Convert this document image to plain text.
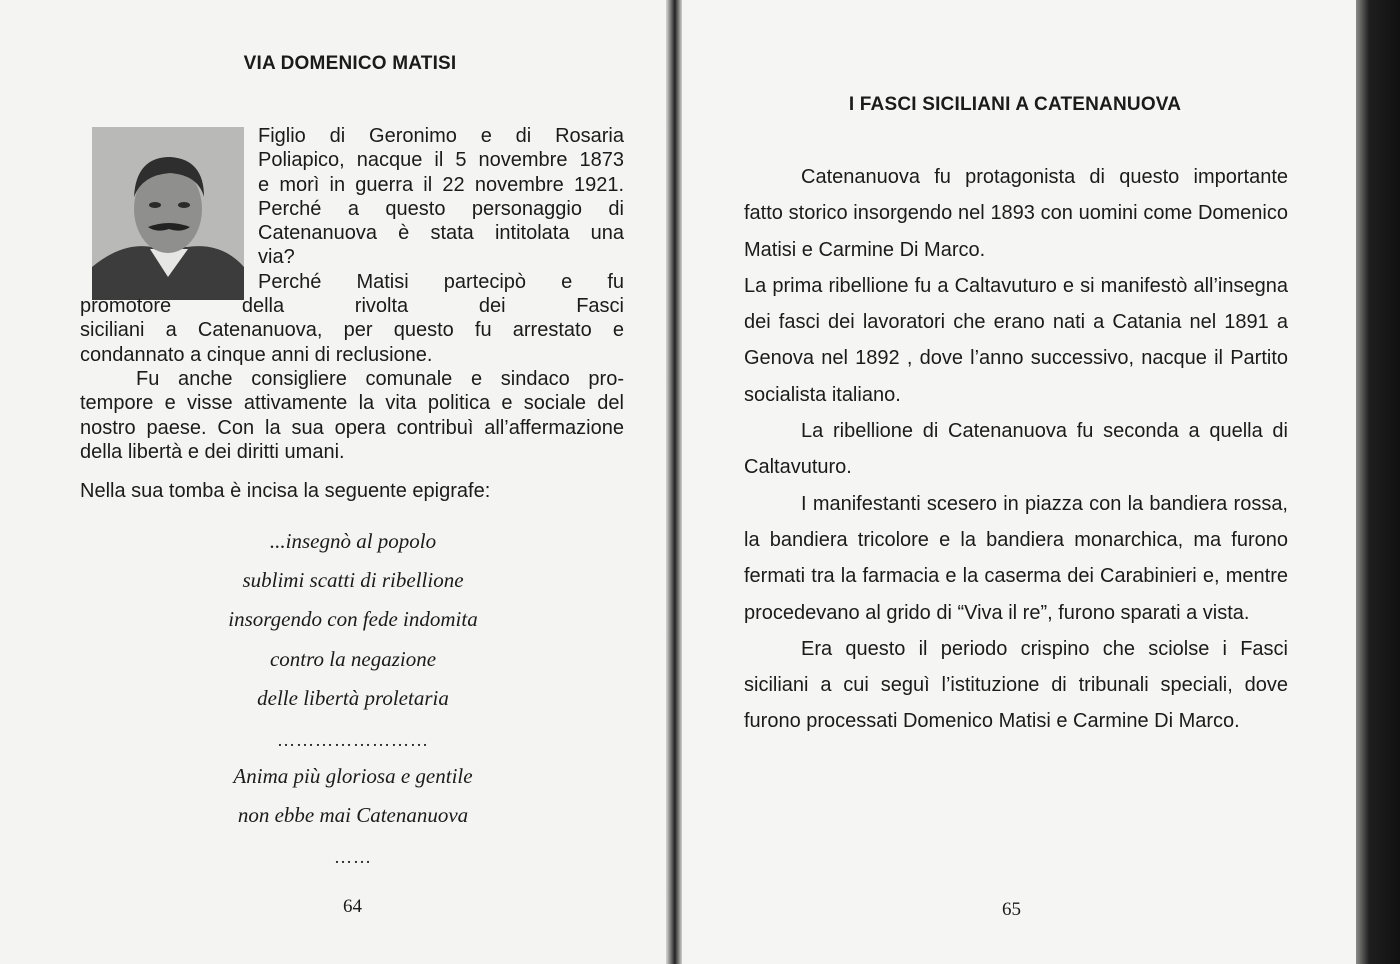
VIA DOMENICO MATISI
Figlio di Geronimo e di Rosaria
Poliapico, nacque il 5 novembre 1873
e morì in guerra il 22 novembre 1921.
Perché a questo personaggio di
Catenanuova è stata intitolata una
via?
Perché Matisi partecipò e fu
promotore della rivolta dei Fasci
siciliani a Catenanuova, per questo fu arrestato e
condannato a cinque anni di reclusione.
Fu anche consigliere comunale e sindaco pro-
tempore e visse attivamente la vita politica e sociale del
nostro paese. Con la sua opera contribuì all’affermazione
della libertà e dei diritti umani.
Nella sua tomba è incisa la seguente epigrafe:
...insegnò al popolo
sublimi scatti di ribellione
insorgendo con fede indomita
contro la negazione
delle libertà proletaria
……………………
Anima più gloriosa e gentile
non ebbe mai Catenanuova
……
64
I FASCI SICILIANI A CATENANUOVA

Catenanuova fu protagonista di questo importante fatto storico insorgendo nel 1893 con uomini come Domenico Matisi e Carmine Di Marco.

La prima ribellione fu a Caltavuturo e si manifestò all’insegna dei fasci dei lavoratori che erano nati a Catania nel 1891 a Genova nel 1892 , dove l’anno successivo, nacque il Partito socialista italiano.

La ribellione di Catenanuova fu seconda a quella di Caltavuturo.

I manifestanti scesero in piazza con la bandiera rossa, la bandiera tricolore e la bandiera monarchica, ma furono fermati tra la farmacia e la caserma dei Carabinieri e, mentre procedevano al grido di “Viva il re”, furono sparati a vista.

Era questo il periodo crispino che sciolse i Fasci siciliani a cui seguì l’istituzione di tribunali speciali, dove furono processati Domenico Matisi e Carmine Di Marco.

65
